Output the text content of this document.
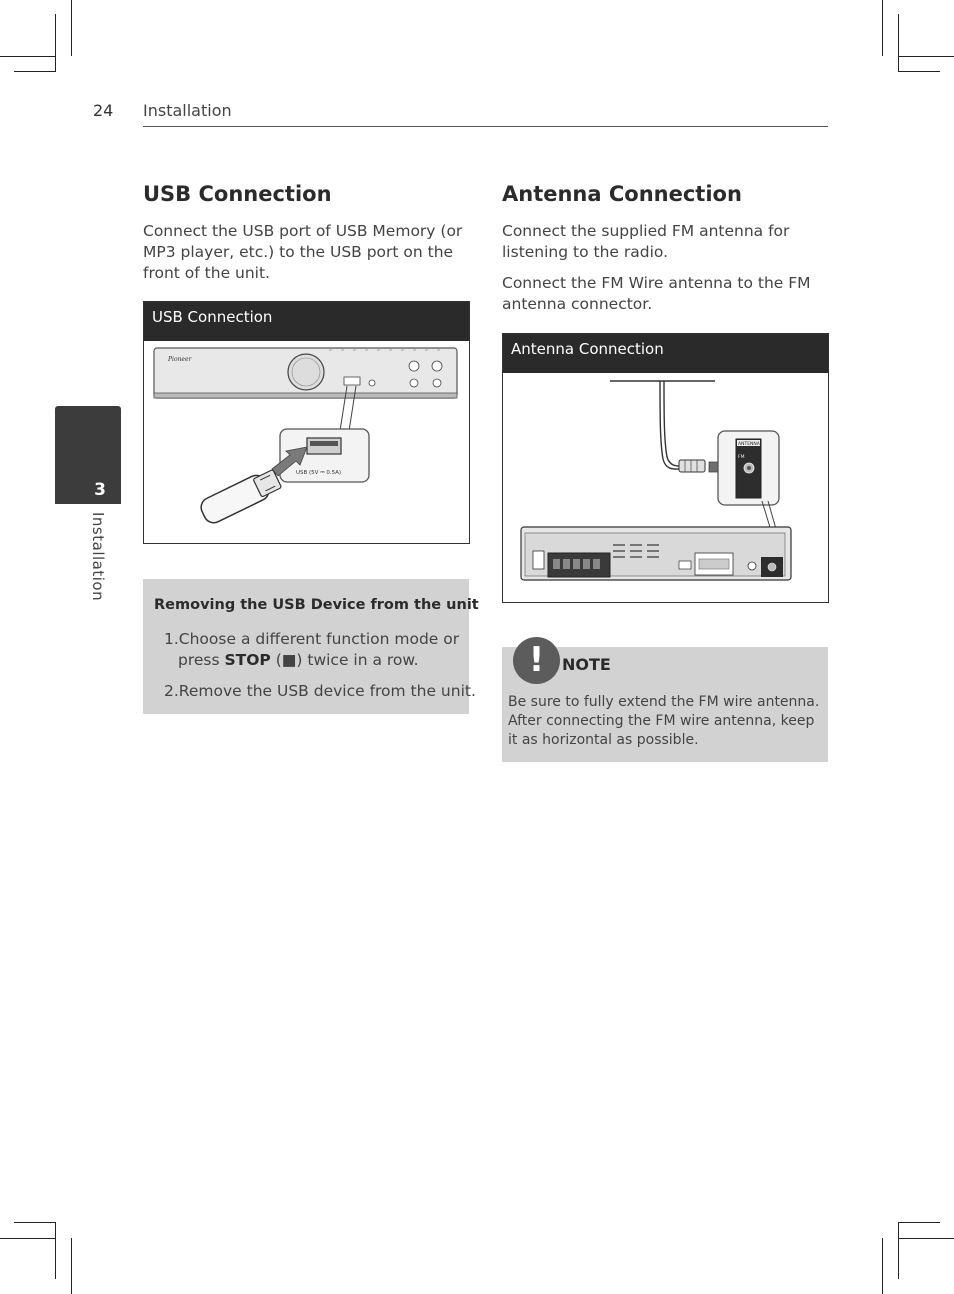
24 Installation
3
Installation
USB Connection
Connect the USB port of USB Memory (or MP3 player, etc.) to the USB port on the front of the unit.
USB Connection
Pioneer
USB (5V ⎓ 0.5A)
Removing the USB Device from the unit
1.Choose a different function mode or
press STOP (■) twice in a row.
2.Remove the USB device from the unit.
Antenna Connection
Connect the supplied FM antenna for listening to the radio.
Connect the FM Wire antenna to the FM antenna connector.
Antenna Connection
ANTENNA
FM
!	NOTE
Be sure to fully extend the FM wire antenna. After connecting the FM wire antenna, keep it as horizontal as possible.
